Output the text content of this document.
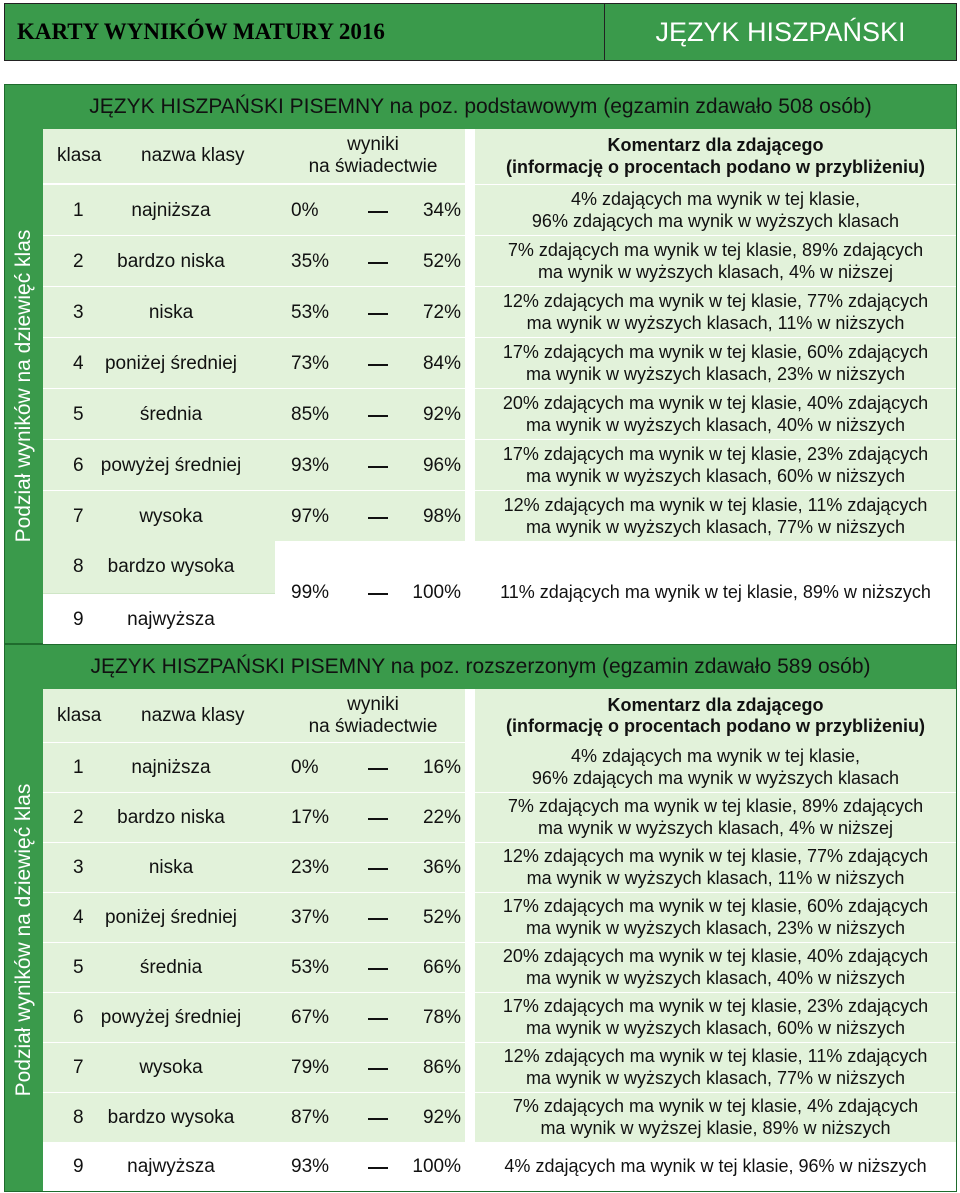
KARTY WYNIKÓW MATURY 2016	JĘZYK HISZPAŃSKI
JĘZYK HISZPAŃSKI PISEMNY na poz. podstawowym (egzamin zdawało 508 osób)
Podział wyników na dziewięć klas
klasa nazwa klasy
wyniki
na świadectwie
Komentarz dla zdającego
(informację o procentach podano w przybliżeniu)
1	najniższa	0%	34%
4% zdających ma wynik w tej klasie,
96% zdających ma wynik w wyższych klasach
2	bardzo niska	35%	52%
7% zdających ma wynik w tej klasie, 89% zdających
ma wynik w wyższych klasach, 4% w niższej
3	niska	53%	72%
12% zdających ma wynik w tej klasie, 77% zdających
ma wynik w wyższych klasach, 11% w niższych
4	poniżej średniej	73%	84%
17% zdających ma wynik w tej klasie, 60% zdających
ma wynik w wyższych klasach, 23% w niższych
5	średnia	85%	92%
20% zdających ma wynik w tej klasie, 40% zdających
ma wynik w wyższych klasach, 40% w niższych
6 powyżej średniej	93%	96%
17% zdających ma wynik w tej klasie, 23% zdających
ma wynik w wyższych klasach, 60% w niższych
7	wysoka	97%	98%
12% zdających ma wynik w tej klasie, 11% zdających
ma wynik w wyższych klasach, 77% w niższych
8	bardzo wysoka
9	najwyższa
99%	100%	11% zdających ma wynik w tej klasie, 89% w niższych
JĘZYK HISZPAŃSKI PISEMNY na poz. rozszerzonym (egzamin zdawało 589 osób)
Podział wyników na dziewięć klas
klasa nazwa klasy
wyniki
na świadectwie
Komentarz dla zdającego
(informację o procentach podano w przybliżeniu)
1	najniższa	0%	16%
4% zdających ma wynik w tej klasie,
96% zdających ma wynik w wyższych klasach
2	bardzo niska	17%	22%
7% zdających ma wynik w tej klasie, 89% zdających
ma wynik w wyższych klasach, 4% w niższej
3	niska	23%	36%
12% zdających ma wynik w tej klasie, 77% zdających
ma wynik w wyższych klasach, 11% w niższych
4	poniżej średniej	37%	52%
17% zdających ma wynik w tej klasie, 60% zdających
ma wynik w wyższych klasach, 23% w niższych
5	średnia	53%	66%
20% zdających ma wynik w tej klasie, 40% zdających
ma wynik w wyższych klasach, 40% w niższych
6 powyżej średniej	67%	78%
17% zdających ma wynik w tej klasie, 23% zdających
ma wynik w wyższych klasach, 60% w niższych
7	wysoka	79%	86%
12% zdających ma wynik w tej klasie, 11% zdających
ma wynik w wyższych klasach, 77% w niższych
8	bardzo wysoka	87%	92%
7% zdających ma wynik w tej klasie, 4% zdających
ma wynik w wyższej klasie, 89% w niższych
9	najwyższa	93%	100%	4% zdających ma wynik w tej klasie, 96% w niższych
